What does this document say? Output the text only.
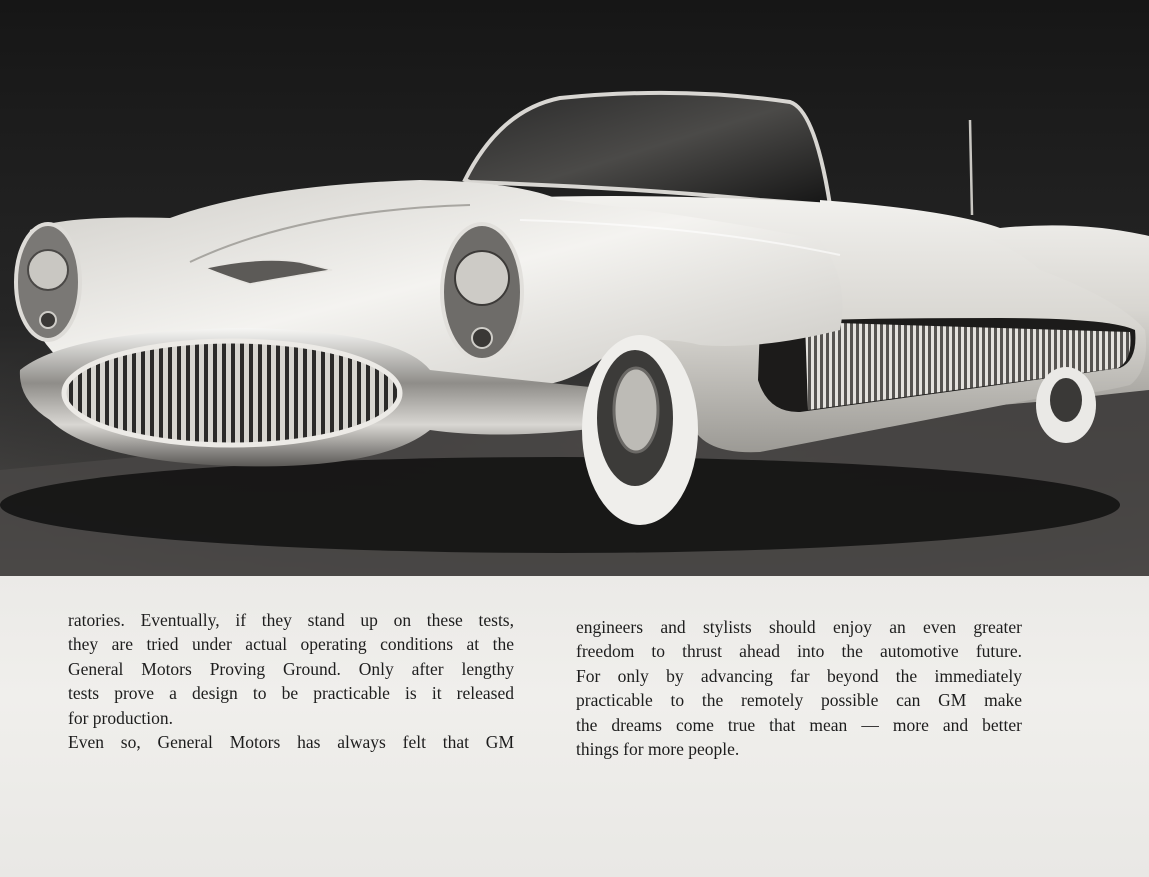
ratories. Eventually, if they stand up on these tests,
they are tried under actual operating conditions at the
General Motors Proving Ground. Only after lengthy
tests prove a design to be practicable is it released
for production.
Even so, General Motors has always felt that GM
engineers and stylists should enjoy an even greater
freedom to thrust ahead into the automotive future.
For only by advancing far beyond the immediately
practicable to the remotely possible can GM make
the dreams come true that mean — more and better
things for more people.
